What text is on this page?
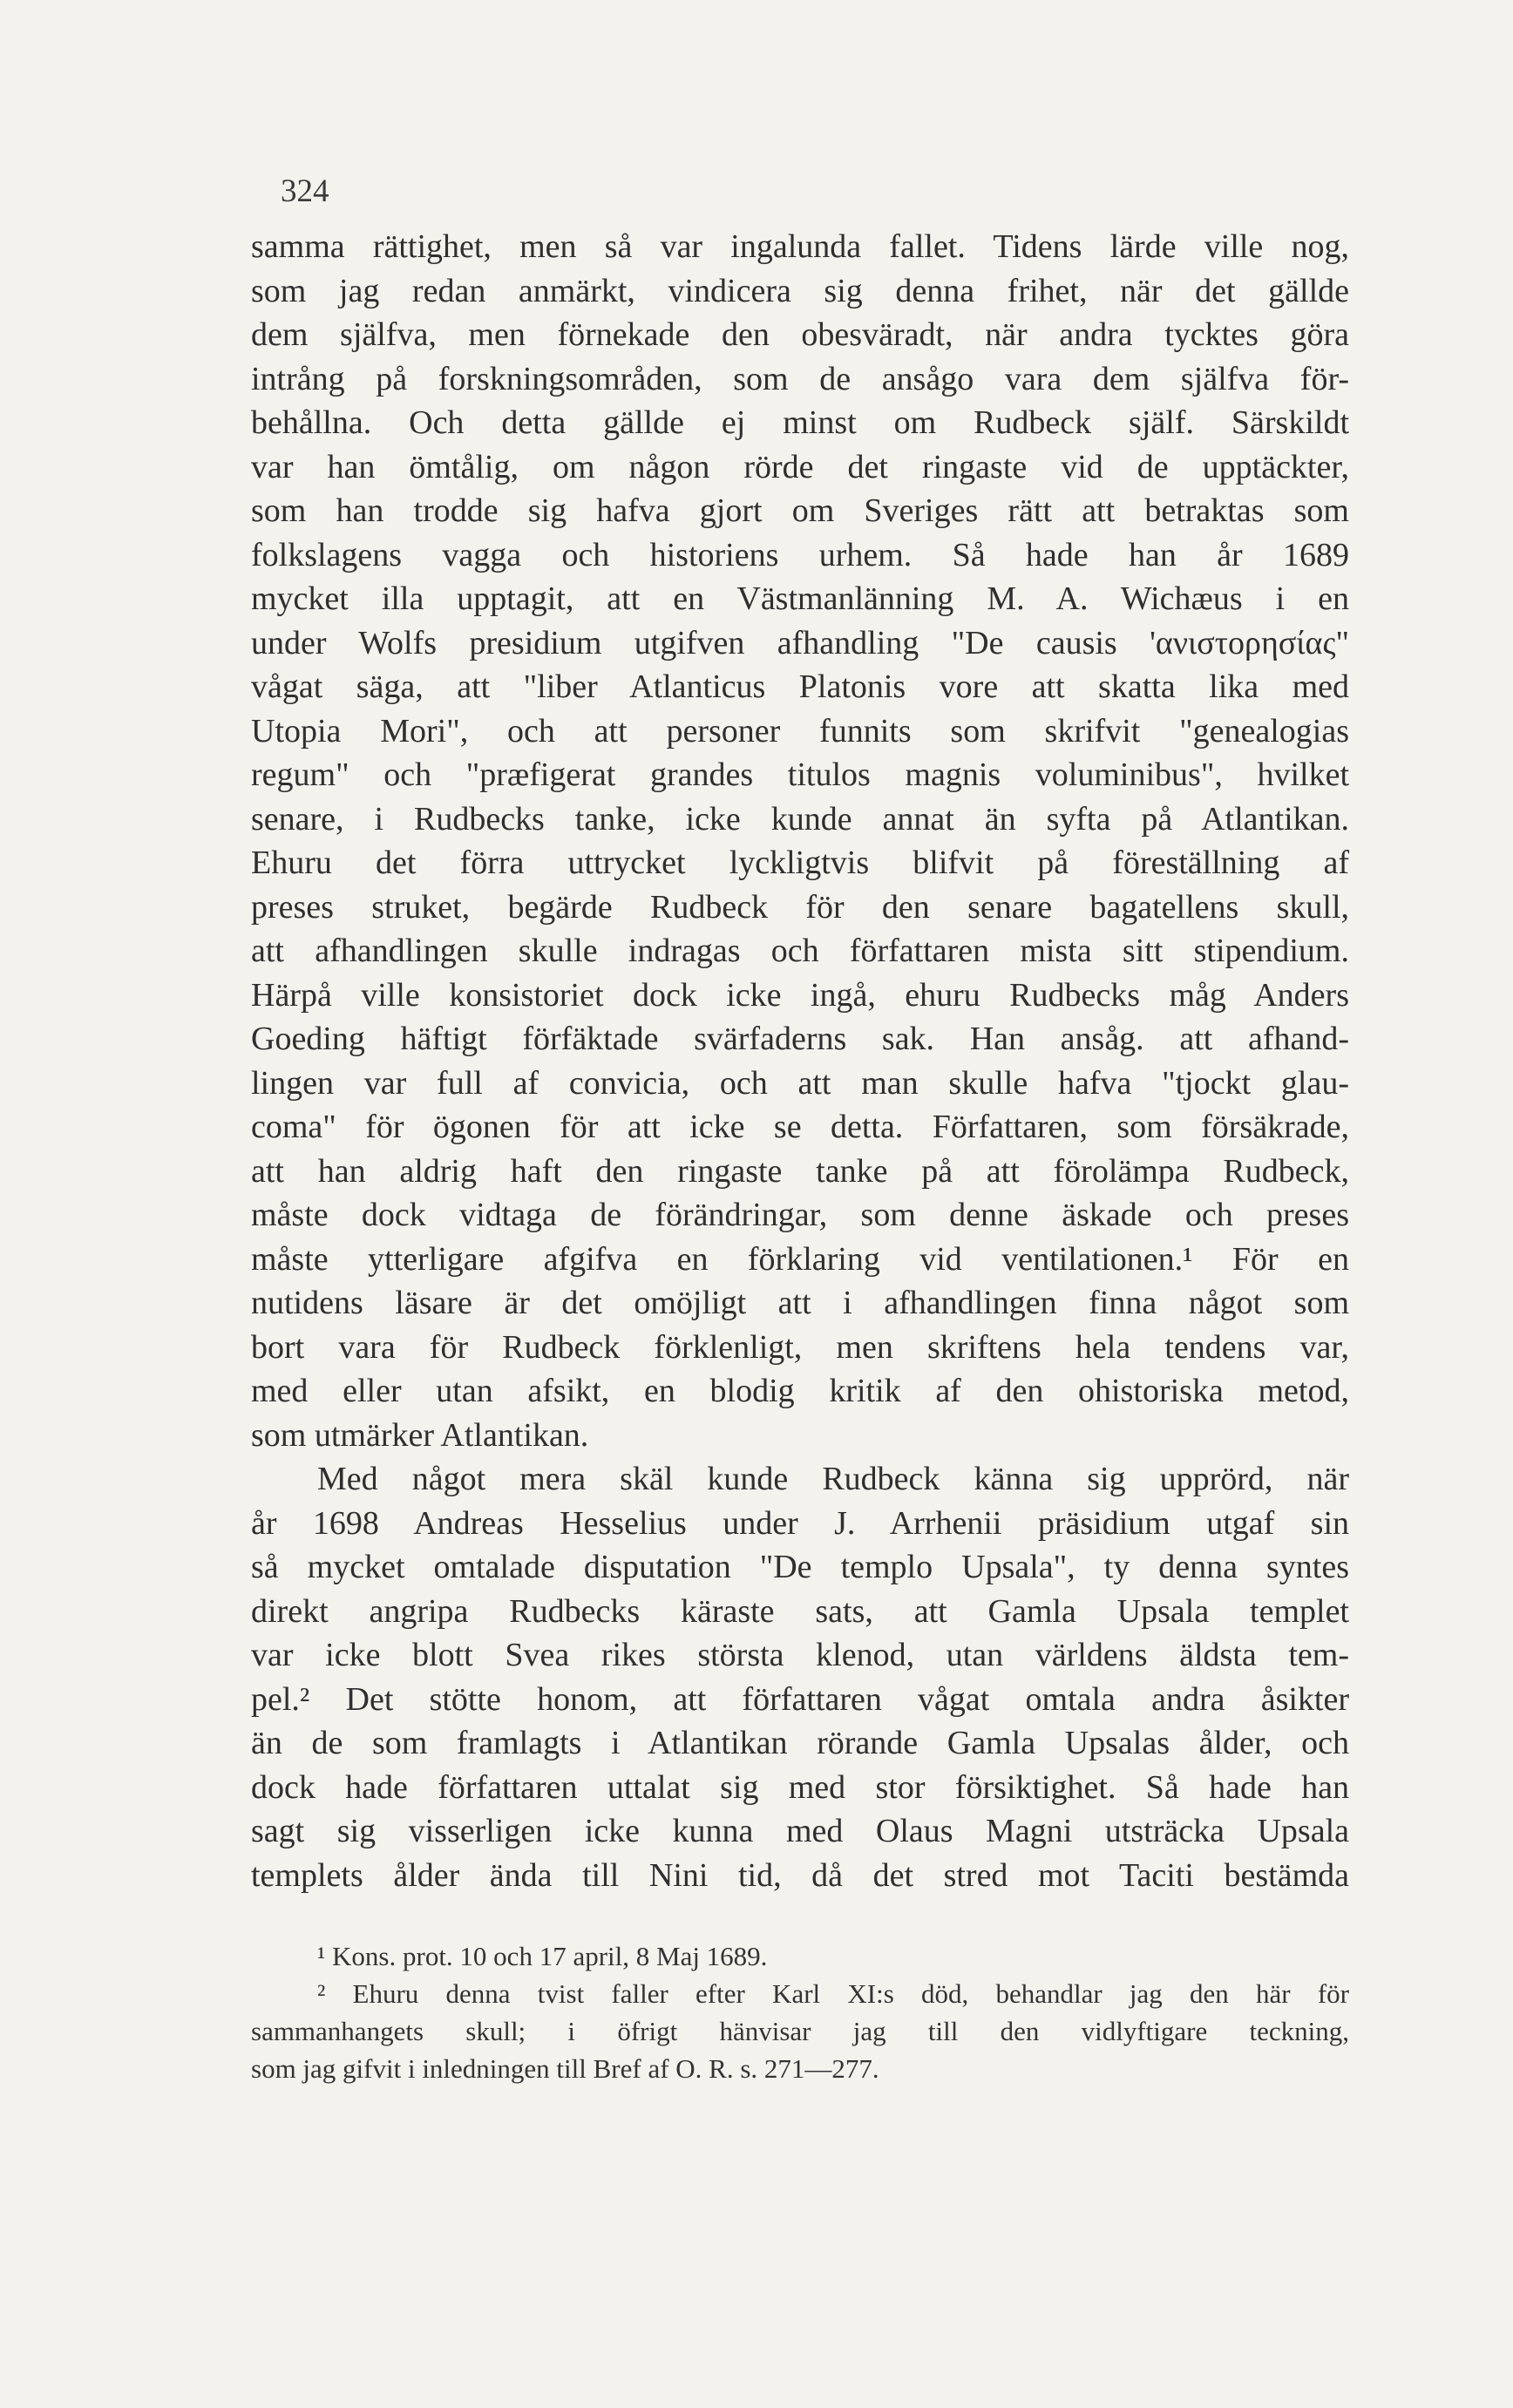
324
samma rättighet, men så var ingalunda fallet. Tidens lärde ville nog,
som jag redan anmärkt, vindicera sig denna frihet, när det gällde
dem själfva, men förnekade den obesväradt, när andra tycktes göra
intrång på forskningsområden, som de ansågo vara dem själfva för-
behållna. Och detta gällde ej minst om Rudbeck själf. Särskildt
var han ömtålig, om någon rörde det ringaste vid de upptäckter,
som han trodde sig hafva gjort om Sveriges rätt att betraktas som
folkslagens vagga och historiens urhem. Så hade han år 1689
mycket illa upptagit, att en Västmanlänning M. A. Wichæus i en
under Wolfs presidium utgifven afhandling "De causis 'ανιστορησίας"
vågat säga, att "liber Atlanticus Platonis vore att skatta lika med
Utopia Mori", och att personer funnits som skrifvit "genealogias
regum" och "præfigerat grandes titulos magnis voluminibus", hvilket
senare, i Rudbecks tanke, icke kunde annat än syfta på Atlantikan.
Ehuru det förra uttrycket lyckligtvis blifvit på föreställning af
preses struket, begärde Rudbeck för den senare bagatellens skull,
att afhandlingen skulle indragas och författaren mista sitt stipendium.
Härpå ville konsistoriet dock icke ingå, ehuru Rudbecks måg Anders
Goeding häftigt förfäktade svärfaderns sak. Han ansåg. att afhand-
lingen var full af convicia, och att man skulle hafva "tjockt glau-
coma" för ögonen för att icke se detta. Författaren, som försäkrade,
att han aldrig haft den ringaste tanke på att förolämpa Rudbeck,
måste dock vidtaga de förändringar, som denne äskade och preses
måste ytterligare afgifva en förklaring vid ventilationen.¹ För en
nutidens läsare är det omöjligt att i afhandlingen finna något som
bort vara för Rudbeck förklenligt, men skriftens hela tendens var,
med eller utan afsikt, en blodig kritik af den ohistoriska metod,
som utmärker Atlantikan.
Med något mera skäl kunde Rudbeck känna sig upprörd, när
år 1698 Andreas Hesselius under J. Arrhenii präsidium utgaf sin
så mycket omtalade disputation "De templo Upsala", ty denna syntes
direkt angripa Rudbecks käraste sats, att Gamla Upsala templet
var icke blott Svea rikes största klenod, utan världens äldsta tem-
pel.² Det stötte honom, att författaren vågat omtala andra åsikter
än de som framlagts i Atlantikan rörande Gamla Upsalas ålder, och
dock hade författaren uttalat sig med stor försiktighet. Så hade han
sagt sig visserligen icke kunna med Olaus Magni utsträcka Upsala
templets ålder ända till Nini tid, då det stred mot Taciti bestämda
¹ Kons. prot. 10 och 17 april, 8 Maj 1689.
² Ehuru denna tvist faller efter Karl XI:s död, behandlar jag den här för
sammanhangets skull; i öfrigt hänvisar jag till den vidlyftigare teckning,
som jag gifvit i inledningen till Bref af O. R. s. 271—277.
